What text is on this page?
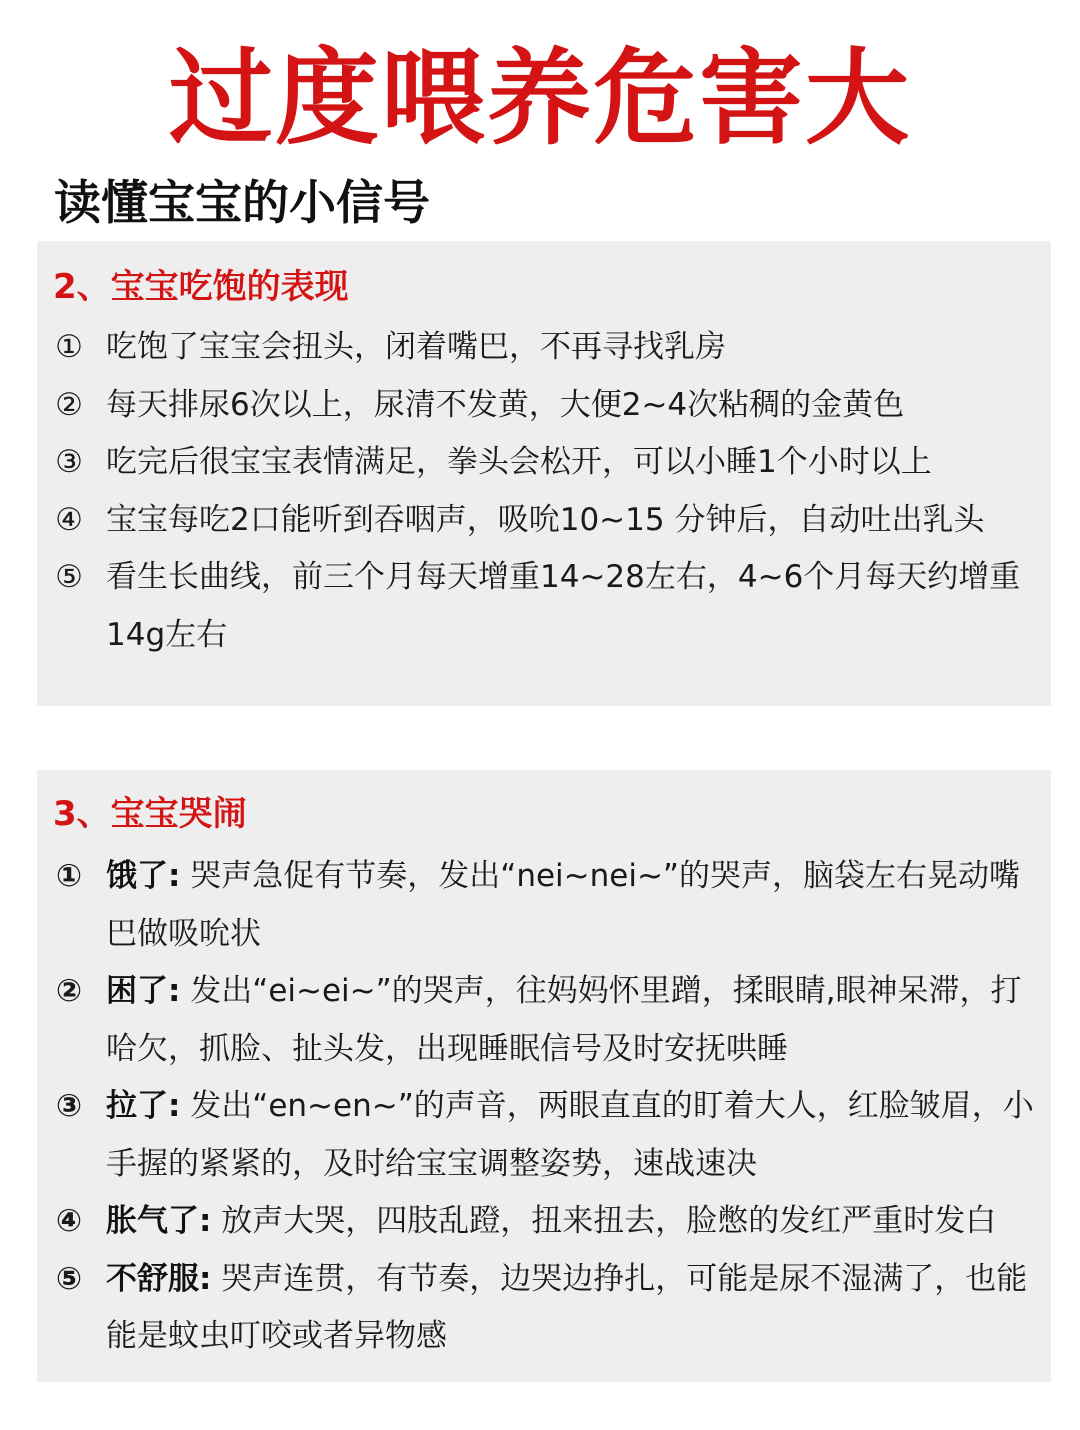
过度喂养危害大
读懂宝宝的小信号
2、宝宝吃饱的表现
① 吃饱了宝宝会扭头，闭着嘴巴，不再寻找乳房
② 每天排尿6次以上，尿清不发黄，大便2~4次粘稠的金黄色
③ 吃完后很宝宝表情满足，拳头会松开，可以小睡1个小时以上
④ 宝宝每吃2口能听到吞咽声，吸吮10~15 分钟后，自动吐出乳头
⑤ 看生长曲线，前三个月每天增重14~28左右，4~6个月每天约增重14g左右
3、宝宝哭闹
① 饿了: 哭声急促有节奏，发出“nei~nei~”的哭声，脑袋左右晃动嘴巴做吸吮状
② 困了: 发出“ei~ei~”的哭声，往妈妈怀里蹭，揉眼睛,眼神呆滞，打哈欠，抓脸、扯头发，出现睡眠信号及时安抚哄睡
③ 拉了: 发出“en~en~”的声音，两眼直直的盯着大人，红脸皱眉，小手握的紧紧的，及时给宝宝调整姿势，速战速决
④ 胀气了: 放声大哭，四肢乱蹬，扭来扭去，脸憋的发红严重时发白
⑤ 不舒服: 哭声连贯，有节奏，边哭边挣扎，可能是尿不湿满了，也能能是蚊虫叮咬或者异物感
